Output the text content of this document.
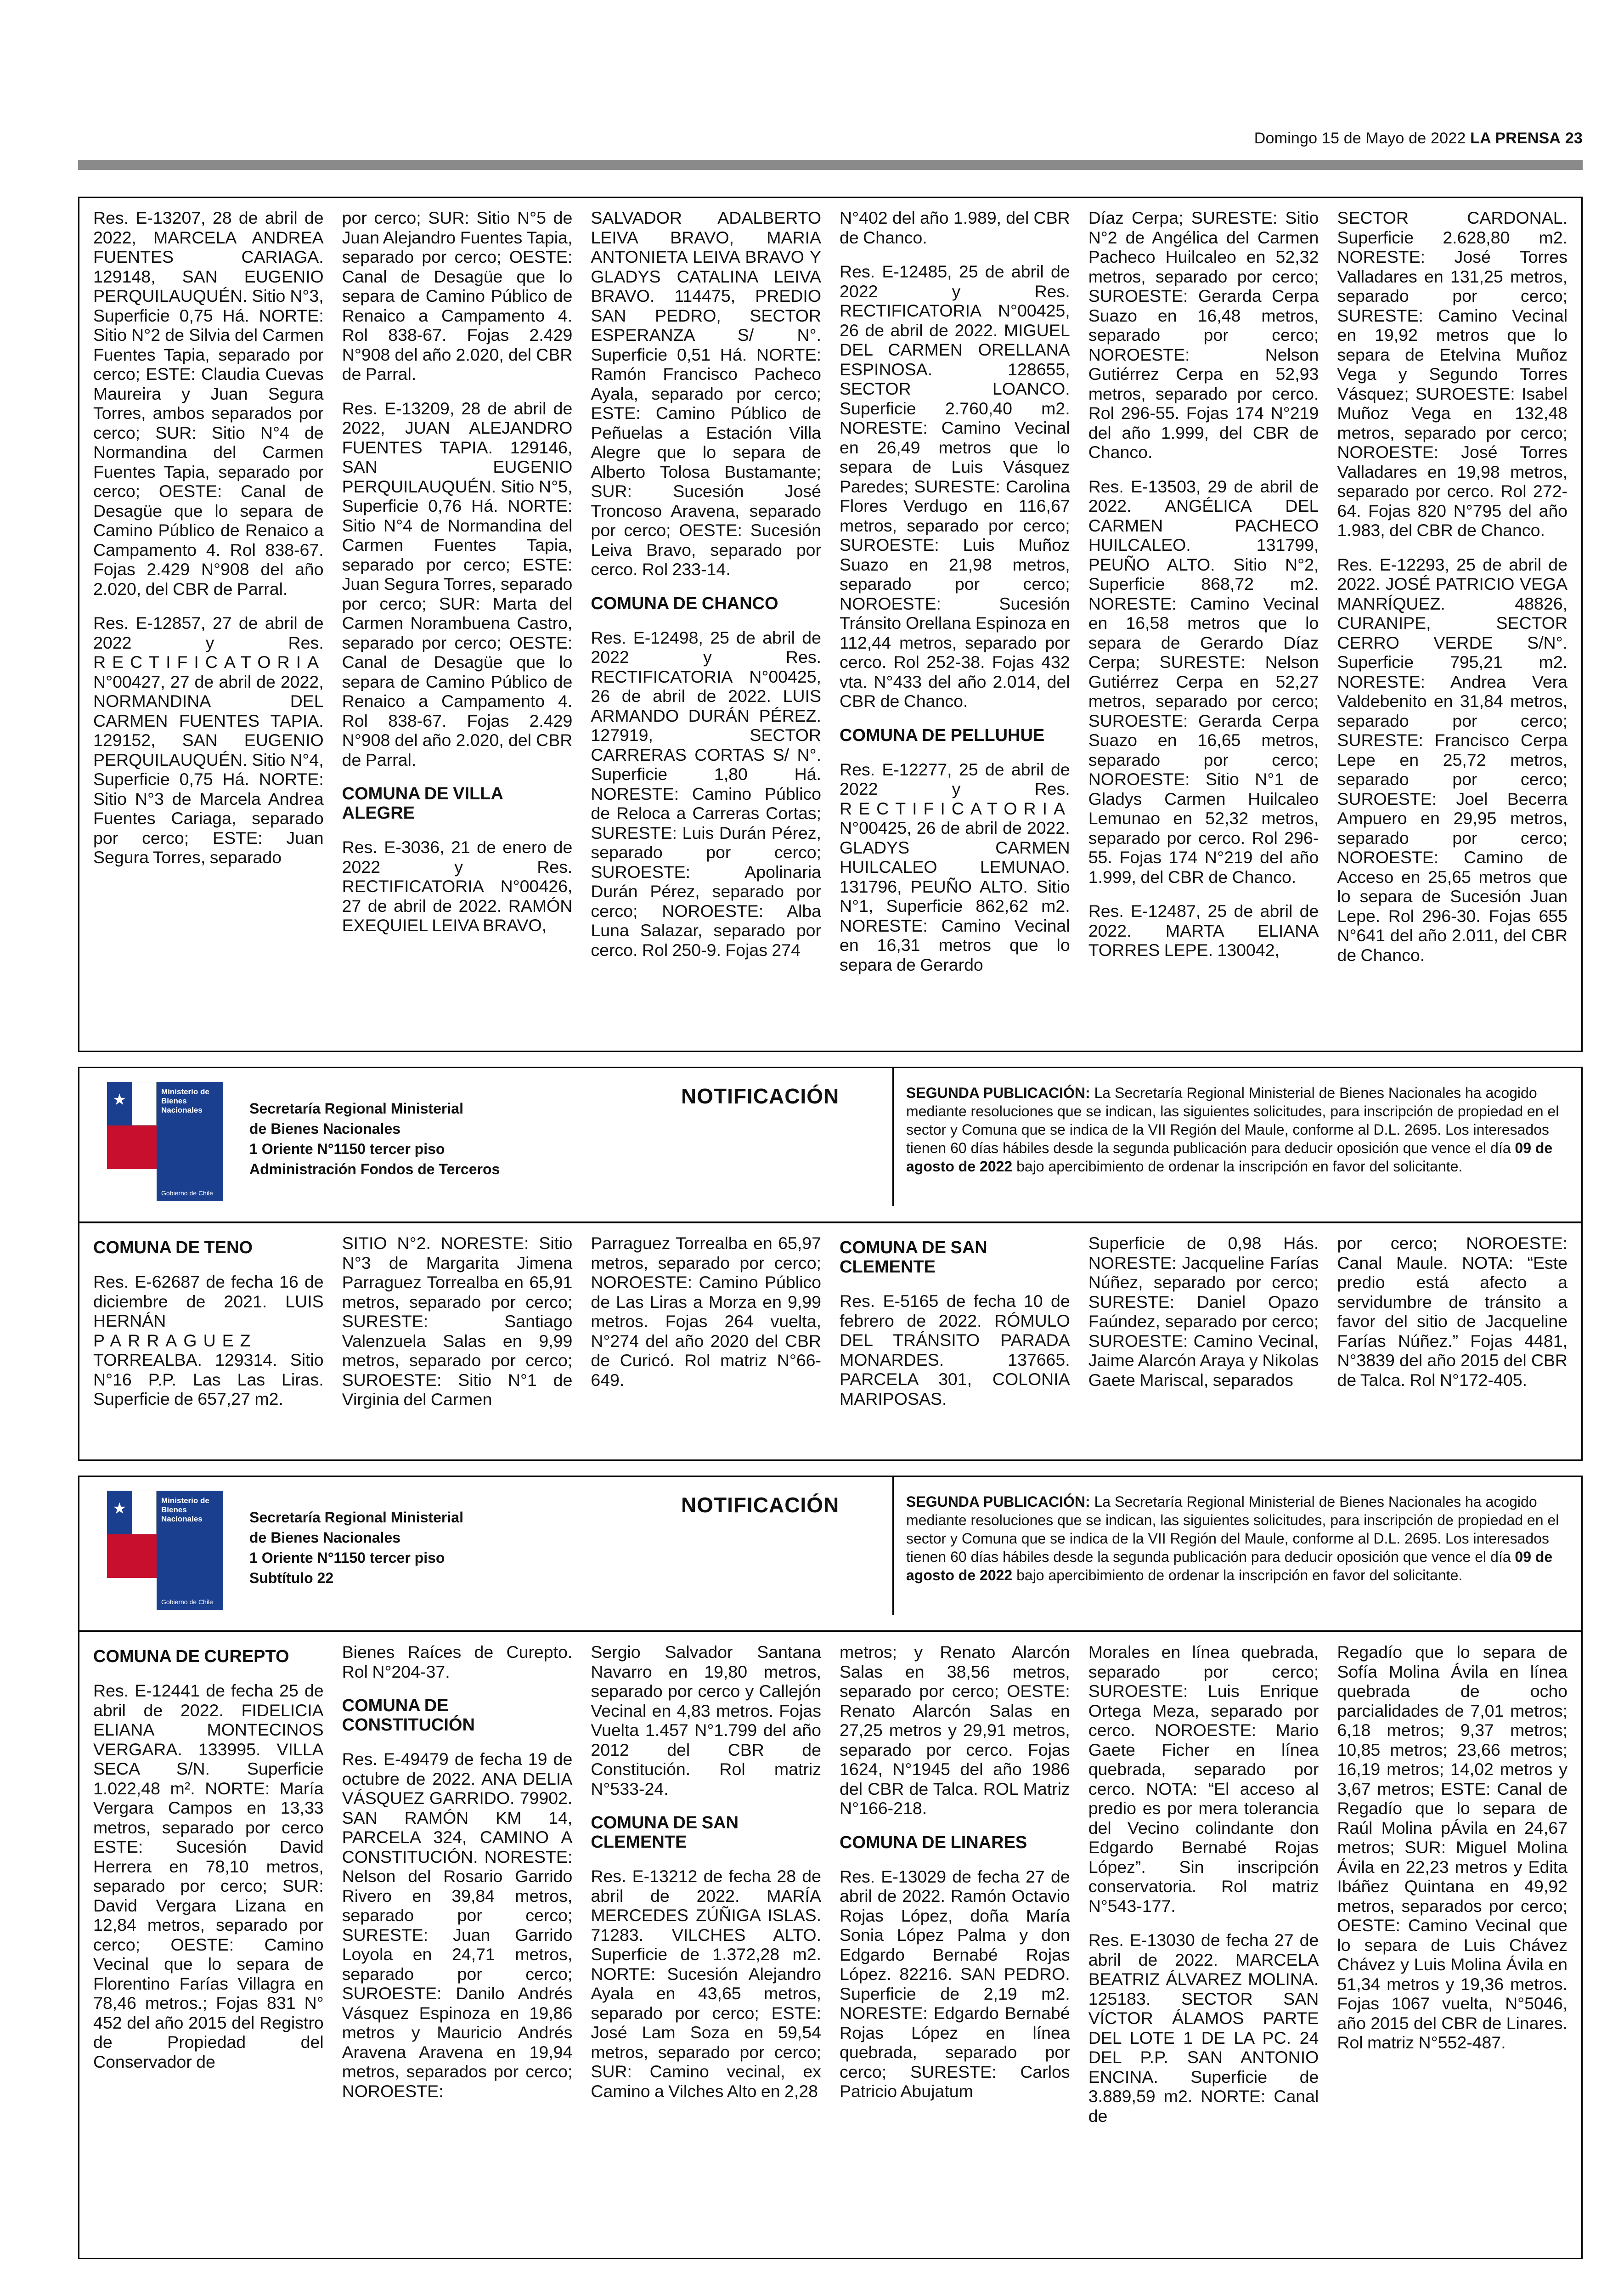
Domingo 15 de Mayo de 2022 LA PRENSA 23

Res. E-13207, 28 de abril de 2022, MARCELA ANDREA FUENTES CARIAGA. 129148, SAN EUGENIO PERQUILAUQUÉN. Sitio N°3, Superficie 0,75 Há. NORTE: Sitio N°2 de Silvia del Carmen Fuentes Tapia, separado por cerco; ESTE: Claudia Cuevas Maureira y Juan Segura Torres, ambos separados por cerco; SUR: Sitio N°4 de Normandina del Carmen Fuentes Tapia, separado por cerco; OESTE: Canal de Desagüe que lo separa de Camino Público de Renaico a Campamento 4. Rol 838-67. Fojas 2.429 N°908 del año 2.020, del CBR de Parral.

Res. E-12857, 27 de abril de 2022 y Res. RECTIFICATORIA N°00427, 27 de abril de 2022, NORMANDINA DEL CARMEN FUENTES TAPIA. 129152, SAN EUGENIO PERQUILAUQUÉN. Sitio N°4, Superficie 0,75 Há. NORTE: Sitio N°3 de Marcela Andrea Fuentes Cariaga, separado por cerco; ESTE: Juan Segura Torres, separado

por cerco; SUR: Sitio N°5 de Juan Alejandro Fuentes Tapia, separado por cerco; OESTE: Canal de Desagüe que lo separa de Camino Público de Renaico a Campamento 4. Rol 838-67. Fojas 2.429 N°908 del año 2.020, del CBR de Parral.

Res. E-13209, 28 de abril de 2022, JUAN ALEJANDRO FUENTES TAPIA. 129146, SAN EUGENIO PERQUILAUQUÉN. Sitio N°5, Superficie 0,76 Há. NORTE: Sitio N°4 de Normandina del Carmen Fuentes Tapia, separado por cerco; ESTE: Juan Segura Torres, separado por cerco; SUR: Marta del Carmen Norambuena Castro, separado por cerco; OESTE: Canal de Desagüe que lo separa de Camino Público de Renaico a Campamento 4. Rol 838-67. Fojas 2.429 N°908 del año 2.020, del CBR de Parral.

COMUNA DE VILLA ALEGRE

Res. E-3036, 21 de enero de 2022 y Res. RECTIFICATORIA N°00426, 27 de abril de 2022. RAMÓN EXEQUIEL LEIVA BRAVO,

SALVADOR ADALBERTO LEIVA BRAVO, MARIA ANTONIETA LEIVA BRAVO Y GLADYS CATALINA LEIVA BRAVO. 114475, PREDIO SAN PEDRO, SECTOR ESPERANZA S/ N°. Superficie 0,51 Há. NORTE: Ramón Francisco Pacheco Ayala, separado por cerco; ESTE: Camino Público de Peñuelas a Estación Villa Alegre que lo separa de Alberto Tolosa Bustamante; SUR: Sucesión José Troncoso Aravena, separado por cerco; OESTE: Sucesión Leiva Bravo, separado por cerco. Rol 233-14.

COMUNA DE CHANCO

Res. E-12498, 25 de abril de 2022 y Res. RECTIFICATORIA N°00425, 26 de abril de 2022. LUIS ARMANDO DURÁN PÉREZ. 127919, SECTOR CARRERAS CORTAS S/ N°. Superficie 1,80 Há. NORESTE: Camino Público de Reloca a Carreras Cortas; SURESTE: Luis Durán Pérez, separado por cerco; SUROESTE: Apolinaria Durán Pérez, separado por cerco; NOROESTE: Alba Luna Salazar, separado por cerco. Rol 250-9. Fojas 274

N°402 del año 1.989, del CBR de Chanco.

Res. E-12485, 25 de abril de 2022 y Res. RECTIFICATORIA N°00425, 26 de abril de 2022. MIGUEL DEL CARMEN ORELLANA ESPINOSA. 128655, SECTOR LOANCO. Superficie 2.760,40 m2. NORESTE: Camino Vecinal en 26,49 metros que lo separa de Luis Vásquez Paredes; SURESTE: Carolina Flores Verdugo en 116,67 metros, separado por cerco; SUROESTE: Luis Muñoz Suazo en 21,98 metros, separado por cerco; NOROESTE: Sucesión Tránsito Orellana Espinoza en 112,44 metros, separado por cerco. Rol 252-38. Fojas 432 vta. N°433 del año 2.014, del CBR de Chanco.

COMUNA DE PELLUHUE

Res. E-12277, 25 de abril de 2022 y Res. RECTIFICATORIA N°00425, 26 de abril de 2022. GLADYS CARMEN HUILCALEO LEMUNAO. 131796, PEUÑO ALTO. Sitio N°1, Superficie 862,62 m2. NORESTE: Camino Vecinal en 16,31 metros que lo separa de Gerardo

Díaz Cerpa; SURESTE: Sitio N°2 de Angélica del Carmen Pacheco Huilcaleo en 52,32 metros, separado por cerco; SUROESTE: Gerarda Cerpa Suazo en 16,48 metros, separado por cerco; NOROESTE: Nelson Gutiérrez Cerpa en 52,93 metros, separado por cerco. Rol 296-55. Fojas 174 N°219 del año 1.999, del CBR de Chanco.

Res. E-13503, 29 de abril de 2022. ANGÉLICA DEL CARMEN PACHECO HUILCALEO. 131799, PEUÑO ALTO. Sitio N°2, Superficie 868,72 m2. NORESTE: Camino Vecinal en 16,58 metros que lo separa de Gerardo Díaz Cerpa; SURESTE: Nelson Gutiérrez Cerpa en 52,27 metros, separado por cerco; SUROESTE: Gerarda Cerpa Suazo en 16,65 metros, separado por cerco; NOROESTE: Sitio N°1 de Gladys Carmen Huilcaleo Lemunao en 52,32 metros, separado por cerco. Rol 296-55. Fojas 174 N°219 del año 1.999, del CBR de Chanco.

Res. E-12487, 25 de abril de 2022. MARTA ELIANA TORRES LEPE. 130042,

SECTOR CARDONAL. Superficie 2.628,80 m2. NORESTE: José Torres Valladares en 131,25 metros, separado por cerco; SURESTE: Camino Vecinal en 19,92 metros que lo separa de Etelvina Muñoz Vega y Segundo Torres Vásquez; SUROESTE: Isabel Muñoz Vega en 132,48 metros, separado por cerco; NOROESTE: José Torres Valladares en 19,98 metros, separado por cerco. Rol 272-64. Fojas 820 N°795 del año 1.983, del CBR de Chanco.

Res. E-12293, 25 de abril de 2022. JOSÉ PATRICIO VEGA MANRÍQUEZ. 48826, CURANIPE, SECTOR CERRO VERDE S/N°. Superficie 795,21 m2. NORESTE: Andrea Vera Valdebenito en 31,84 metros, separado por cerco; SURESTE: Francisco Cerpa Lepe en 25,72 metros, separado por cerco; SUROESTE: Joel Becerra Ampuero en 29,95 metros, separado por cerco; NOROESTE: Camino de Acceso en 25,65 metros que lo separa de Sucesión Juan Lepe. Rol 296-30. Fojas 655 N°641 del año 2.011, del CBR de Chanco.

★	Ministerio de Bienes Nacionales
Gobierno de Chile
Secretaría Regional Ministerial
de Bienes Nacionales
1 Oriente N°1150 tercer piso
Administración Fondos de Terceros
NOTIFICACIÓN	SEGUNDA PUBLICACIÓN: La Secretaría Regional Ministerial de Bienes Nacionales ha acogido mediante resoluciones que se indican, las siguientes solicitudes, para inscripción de propiedad en el sector y Comuna que se indica de la VII Región del Maule, conforme al D.L. 2695. Los interesados tienen 60 días hábiles desde la segunda publicación para deducir oposición que vence el día 09 de agosto de 2022 bajo apercibimiento de ordenar la inscripción en favor del solicitante.
COMUNA DE TENO

Res. E-62687 de fecha 16 de diciembre de 2021. LUIS HERNÁN PARRAGUEZ TORREALBA. 129314. Sitio N°16 P.P. Las Las Liras. Superficie de 657,27 m2.

SITIO N°2. NORESTE: Sitio N°3 de Margarita Jimena Parraguez Torrealba en 65,91 metros, separado por cerco; SURESTE: Santiago Valenzuela Salas en 9,99 metros, separado por cerco; SUROESTE: Sitio N°1 de Virginia del Carmen

Parraguez Torrealba en 65,97 metros, separado por cerco; NOROESTE: Camino Público de Las Liras a Morza en 9,99 metros. Fojas 264 vuelta, N°274 del año 2020 del CBR de Curicó. Rol matriz N°66-649.

COMUNA DE SAN CLEMENTE

Res. E-5165 de fecha 10 de febrero de 2022. RÓMULO DEL TRÁNSITO PARADA MONARDES. 137665. PARCELA 301, COLONIA MARIPOSAS.

Superficie de 0,98 Hás. NORESTE: Jacqueline Farías Núñez, separado por cerco; SURESTE: Daniel Opazo Faúndez, separado por cerco; SUROESTE: Camino Vecinal, Jaime Alarcón Araya y Nikolas Gaete Mariscal, separados

por cerco; NOROESTE: Canal Maule. NOTA: “Este predio está afecto a servidumbre de tránsito a favor del sitio de Jacqueline Farías Núñez.” Fojas 4481, N°3839 del año 2015 del CBR de Talca. Rol N°172-405.

★	Ministerio de Bienes Nacionales
Gobierno de Chile
Secretaría Regional Ministerial
de Bienes Nacionales
1 Oriente N°1150 tercer piso
Subtítulo 22
NOTIFICACIÓN	SEGUNDA PUBLICACIÓN: La Secretaría Regional Ministerial de Bienes Nacionales ha acogido mediante resoluciones que se indican, las siguientes solicitudes, para inscripción de propiedad en el sector y Comuna que se indica de la VII Región del Maule, conforme al D.L. 2695. Los interesados tienen 60 días hábiles desde la segunda publicación para deducir oposición que vence el día 09 de agosto de 2022 bajo apercibimiento de ordenar la inscripción en favor del solicitante.
COMUNA DE CUREPTO

Res. E-12441 de fecha 25 de abril de 2022. FIDELICIA ELIANA MONTECINOS VERGARA. 133995. VILLA SECA S/N. Superficie 1.022,48 m². NORTE: María Vergara Campos en 13,33 metros, separado por cerco ESTE: Sucesión David Herrera en 78,10 metros, separado por cerco; SUR: David Vergara Lizana en 12,84 metros, separado por cerco; OESTE: Camino Vecinal que lo separa de Florentino Farías Villagra en 78,46 metros.; Fojas 831 N° 452 del año 2015 del Registro de Propiedad del Conservador de

Bienes Raíces de Curepto. Rol N°204-37.

COMUNA DE CONSTITUCIÓN

Res. E-49479 de fecha 19 de octubre de 2022. ANA DELIA VÁSQUEZ GARRIDO. 79902. SAN RAMÓN KM 14, PARCELA 324, CAMINO A CONSTITUCIÓN. NORESTE: Nelson del Rosario Garrido Rivero en 39,84 metros, separado por cerco; SURESTE: Juan Garrido Loyola en 24,71 metros, separado por cerco; SUROESTE: Danilo Andrés Vásquez Espinoza en 19,86 metros y Mauricio Andrés Aravena Aravena en 19,94 metros, separados por cerco; NOROESTE:

Sergio Salvador Santana Navarro en 19,80 metros, separado por cerco y Callejón Vecinal en 4,83 metros. Fojas Vuelta 1.457 N°1.799 del año 2012 del CBR de Constitución. Rol matriz N°533-24.

COMUNA DE SAN CLEMENTE

Res. E-13212 de fecha 28 de abril de 2022. MARÍA MERCEDES ZÚÑIGA ISLAS. 71283. VILCHES ALTO. Superficie de 1.372,28 m2. NORTE: Sucesión Alejandro Ayala en 43,65 metros, separado por cerco; ESTE: José Lam Soza en 59,54 metros, separado por cerco; SUR: Camino vecinal, ex Camino a Vilches Alto en 2,28

metros; y Renato Alarcón Salas en 38,56 metros, separado por cerco; OESTE: Renato Alarcón Salas en 27,25 metros y 29,91 metros, separado por cerco. Fojas 1624, N°1945 del año 1986 del CBR de Talca. ROL Matriz N°166-218.

COMUNA DE LINARES

Res. E-13029 de fecha 27 de abril de 2022. Ramón Octavio Rojas López, doña María Sonia López Palma y don Edgardo Bernabé Rojas López. 82216. SAN PEDRO. Superficie de 2,19 m2. NORESTE: Edgardo Bernabé Rojas López en línea quebrada, separado por cerco; SURESTE: Carlos Patricio Abujatum

Morales en línea quebrada, separado por cerco; SUROESTE: Luis Enrique Ortega Meza, separado por cerco. NOROESTE: Mario Gaete Ficher en línea quebrada, separado por cerco. NOTA: “El acceso al predio es por mera tolerancia del Vecino colindante don Edgardo Bernabé Rojas López”. Sin inscripción conservatoria. Rol matriz N°543-177.

Res. E-13030 de fecha 27 de abril de 2022. MARCELA BEATRIZ ÁLVAREZ MOLINA. 125183. SECTOR SAN VÍCTOR ÁLAMOS PARTE DEL LOTE 1 DE LA PC. 24 DEL P.P. SAN ANTONIO ENCINA. Superficie de 3.889,59 m2. NORTE: Canal de

Regadío que lo separa de Sofía Molina Ávila en línea quebrada de ocho parcialidades de 7,01 metros; 6,18 metros; 9,37 metros; 10,85 metros; 23,66 metros; 16,19 metros; 14,02 metros y 3,67 metros; ESTE: Canal de Regadío que lo separa de Raúl Molina pÁvila en 24,67 metros; SUR: Miguel Molina Ávila en 22,23 metros y Edita Ibáñez Quintana en 49,92 metros, separados por cerco; OESTE: Camino Vecinal que lo separa de Luis Chávez Chávez y Luis Molina Ávila en 51,34 metros y 19,36 metros. Fojas 1067 vuelta, N°5046, año 2015 del CBR de Linares. Rol matriz N°552-487.
